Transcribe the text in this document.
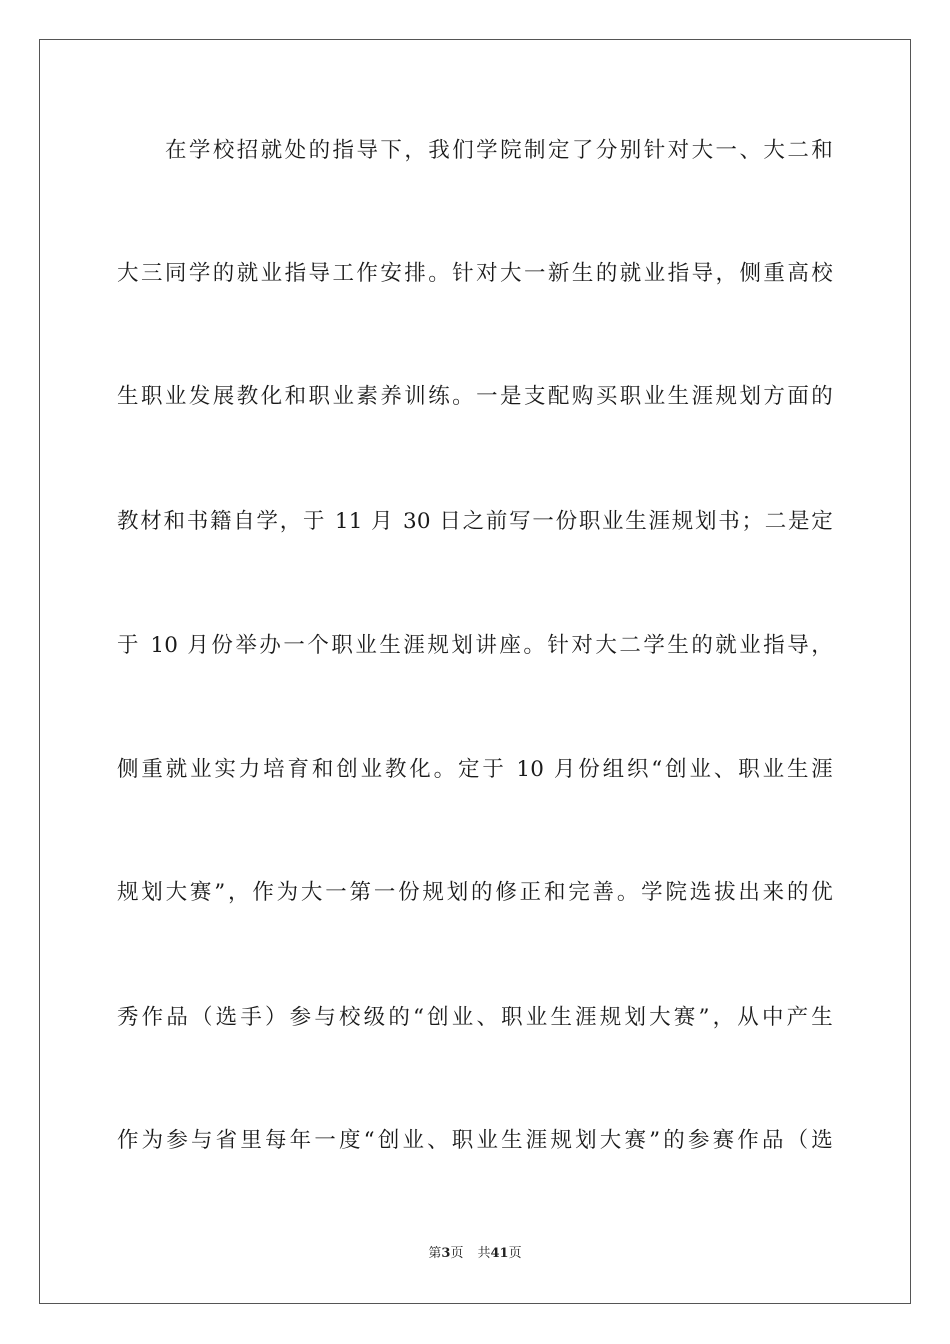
在学校招就处的指导下，我们学院制定了分别针对大一、大二和
大三同学的就业指导工作安排。针对大一新生的就业指导，侧重高校
生职业发展教化和职业素养训练。一是支配购买职业生涯规划方面的
教材和书籍自学，于 11 月 30 日之前写一份职业生涯规划书；二是定
于 10 月份举办一个职业生涯规划讲座。针对大二学生的就业指导，
侧重就业实力培育和创业教化。定于 10 月份组织“创业、职业生涯
规划大赛”，作为大一第一份规划的修正和完善。学院选拔出来的优
秀作品（选手）参与校级的“创业、职业生涯规划大赛”，从中产生
作为参与省里每年一度“创业、职业生涯规划大赛”的参赛作品（选
第3页 共41页
